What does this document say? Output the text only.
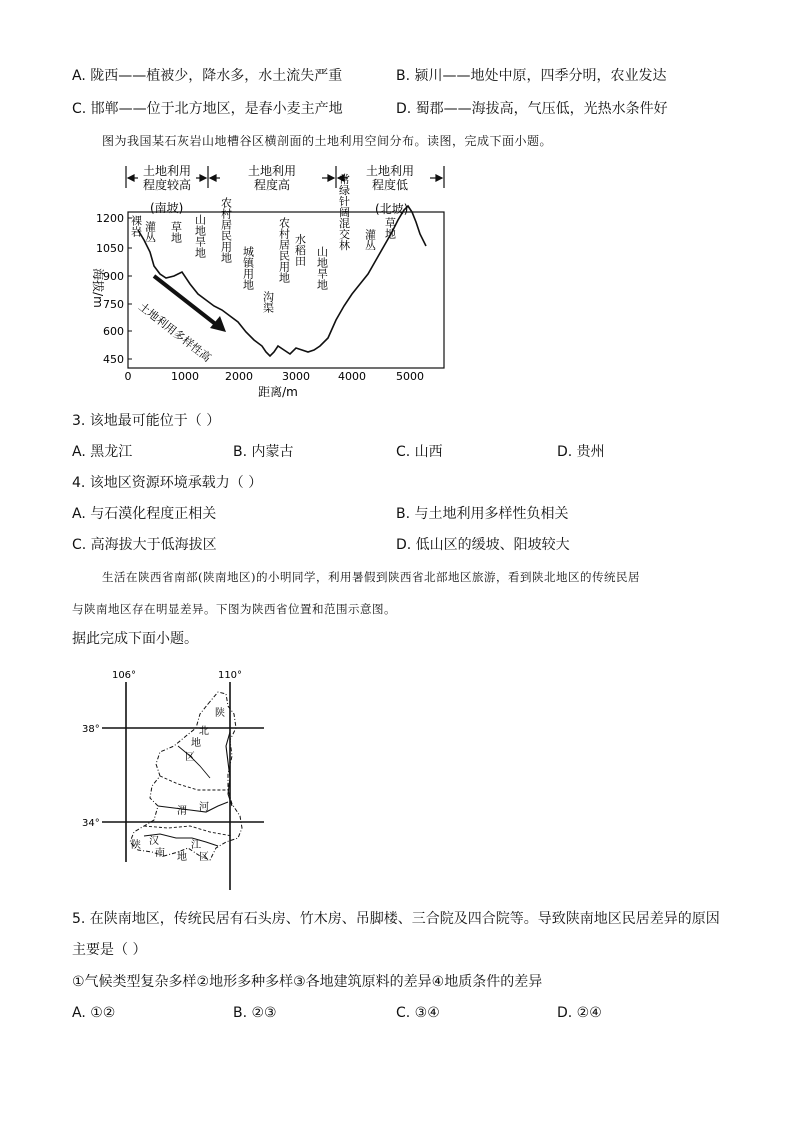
A. 陇西——植被少，降水多，水土流失严重	B. 颍川——地处中原，四季分明，农业发达
C. 邯郸——位于北方地区，是春小麦主产地	D. 蜀郡——海拔高，气压低，光热水条件好
图为我国某石灰岩山地槽谷区横剖面的土地利用空间分布。读图，完成下面小题。
土地利用
程度较高
土地利用
程度高
土地利用
程度低
(南坡)	(北坡)
1200
1050
900
750
600
450
0	1000 2000	3000	4000	5000
距离/m
海拔/m
土地利用多样性高
裸岩 灌丛 草地 山地旱地 农村居民用地
城镇用地
沟渠
农村居民用地 水稻田 山地旱地
常绿针阔混交林 灌丛
草地
3. 该地最可能位于（ ）
A. 黑龙江	B. 内蒙古	C. 山西	D. 贵州
4. 该地区资源环境承载力（ ）
A. 与石漠化程度正相关	B. 与土地利用多样性负相关
C. 高海拔大于低海拔区	D. 低山区的缓坡、阳坡较大
生活在陕西省南部(陕南地区)的小明同学，利用暑假到陕西省北部地区旅游，看到陕北地区的传统民居
与陕南地区存在明显差异。下图为陕西省位置和范围示意图。
据此完成下面小题。
106°	110°
38°
34°
陕
北
地
区
渭 河
陕 汉
南 地
江
区
5. 在陕南地区，传统民居有石头房、竹木房、吊脚楼、三合院及四合院等。导致陕南地区民居差异的原因
主要是（ ）
①气候类型复杂多样②地形多种多样③各地建筑原料的差异④地质条件的差异
A. ①②	B. ②③	C. ③④	D. ②④
